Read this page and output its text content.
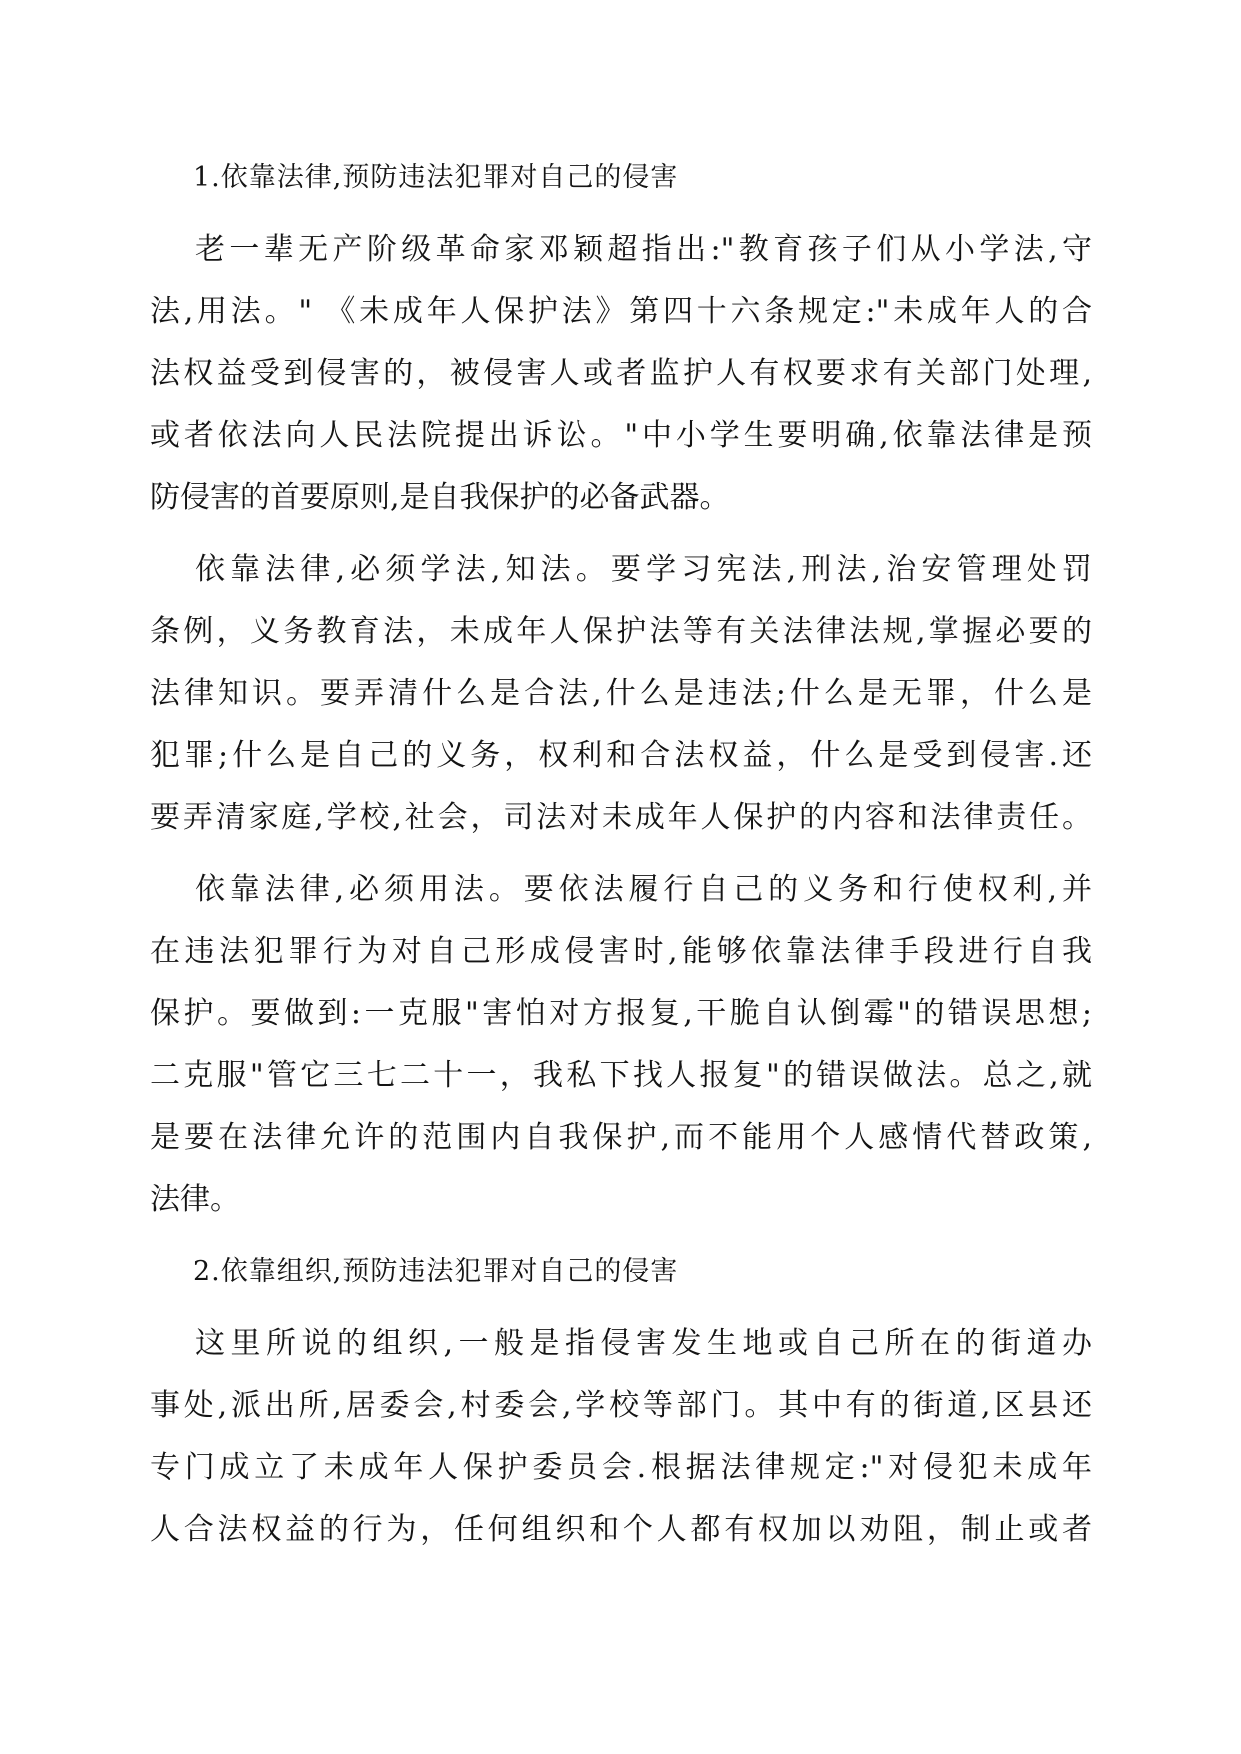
1.依靠法律,预防违法犯罪对自己的侵害
老一辈无产阶级革命家邓颖超指出:"教育孩子们从小学法,守
法,用法。" 《未成年人保护法》第四十六条规定:"未成年人的合
法权益受到侵害的，被侵害人或者监护人有权要求有关部门处理,
或者依法向人民法院提出诉讼。"中小学生要明确,依靠法律是预
防侵害的首要原则,是自我保护的必备武器。
依靠法律,必须学法,知法。要学习宪法,刑法,治安管理处罚
条例，义务教育法，未成年人保护法等有关法律法规,掌握必要的
法律知识。要弄清什么是合法,什么是违法;什么是无罪，什么是
犯罪;什么是自己的义务，权利和合法权益，什么是受到侵害.还
要弄清家庭,学校,社会，司法对未成年人保护的内容和法律责任。
依靠法律,必须用法。要依法履行自己的义务和行使权利,并
在违法犯罪行为对自己形成侵害时,能够依靠法律手段进行自我
保护。要做到:一克服"害怕对方报复,干脆自认倒霉"的错误思想;
二克服"管它三七二十一，我私下找人报复"的错误做法。总之,就
是要在法律允许的范围内自我保护,而不能用个人感情代替政策,
法律。
2.依靠组织,预防违法犯罪对自己的侵害
这里所说的组织,一般是指侵害发生地或自己所在的街道办
事处,派出所,居委会,村委会,学校等部门。其中有的街道,区县还
专门成立了未成年人保护委员会.根据法律规定:"对侵犯未成年
人合法权益的行为，任何组织和个人都有权加以劝阻，制止或者
